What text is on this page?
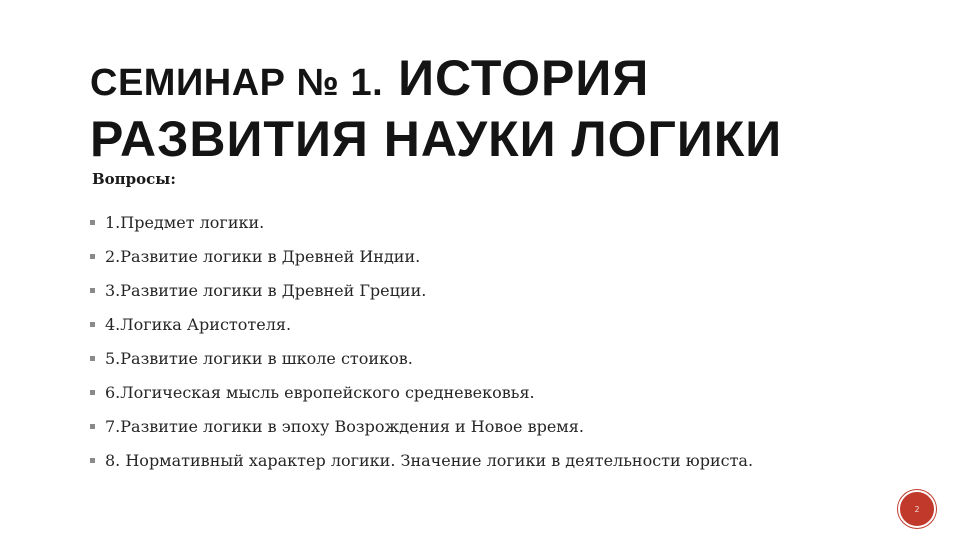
СЕМИНАР № 1. ИСТОРИЯ РАЗВИТИЯ НАУКИ ЛОГИКИ
Вопросы:
1.Предмет логики.
2.Развитие логики в Древней Индии.
3.Развитие логики в Древней Греции.
4.Логика Аристотеля.
5.Развитие логики в школе стоиков.
6.Логическая мысль европейского средневековья.
7.Развитие логики в эпоху Возрождения и Новое время.
8. Нормативный характер логики. Значение логики в деятельности юриста.
2
